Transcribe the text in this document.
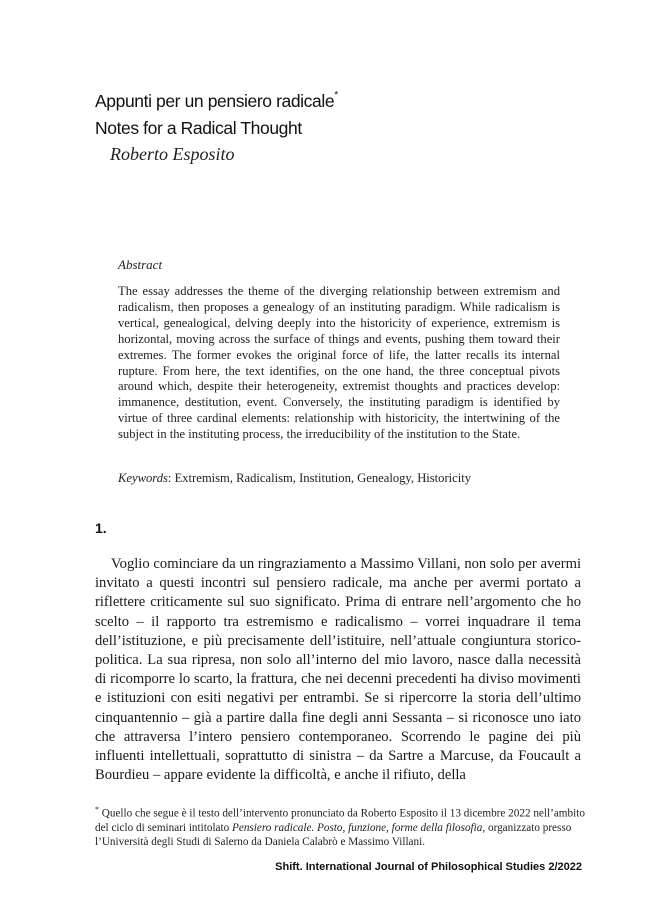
Appunti per un pensiero radicale*
Notes for a Radical Thought
Roberto Esposito
Abstract
The essay addresses the theme of the diverging relationship between extremism and radicalism, then proposes a genealogy of an instituting paradigm. While radicalism is vertical, genealogical, delving deeply into the historicity of experience, extremism is horizontal, moving across the surface of things and events, pushing them toward their extremes. The former evokes the original force of life, the latter recalls its internal rupture. From here, the text identifies, on the one hand, the three conceptual pivots around which, despite their heterogeneity, extremist thoughts and practices develop: immanence, destitution, event. Conversely, the instituting paradigm is identified by virtue of three cardinal elements: relationship with historicity, the intertwining of the subject in the instituting process, the irreducibility of the institution to the State.
Keywords: Extremism, Radicalism, Institution, Genealogy, Historicity
1.
Voglio cominciare da un ringraziamento a Massimo Villani, non solo per avermi invitato a questi incontri sul pensiero radicale, ma anche per avermi portato a riflettere criticamente sul suo significato. Prima di entrare nell’argomento che ho scelto – il rapporto tra estremismo e radicalismo – vorrei inquadrare il tema dell’istituzione, e più precisamente dell’istituire, nell’attuale congiuntura storico-politica. La sua ripresa, non solo all’interno del mio lavoro, nasce dalla necessità di ricomporre lo scarto, la frattura, che nei decenni precedenti ha diviso movimenti e istituzioni con esiti negativi per entrambi. Se si ripercorre la storia dell’ultimo cinquantennio – già a partire dalla fine degli anni Sessanta – si riconosce uno iato che attraversa l’intero pensiero contemporaneo. Scorrendo le pagine dei più influenti intellettuali, soprattutto di sinistra – da Sartre a Marcuse, da Foucault a Bourdieu – appare evidente la difficoltà, e anche il rifiuto, della
* Quello che segue è il testo dell’intervento pronunciato da Roberto Esposito il 13 dicembre 2022 nell’ambito del ciclo di seminari intitolato Pensiero radicale. Posto, funzione, forme della filosofia, organizzato presso l’Università degli Studi di Salerno da Daniela Calabrò e Massimo Villani.
Shift. International Journal of Philosophical Studies 2/2022
